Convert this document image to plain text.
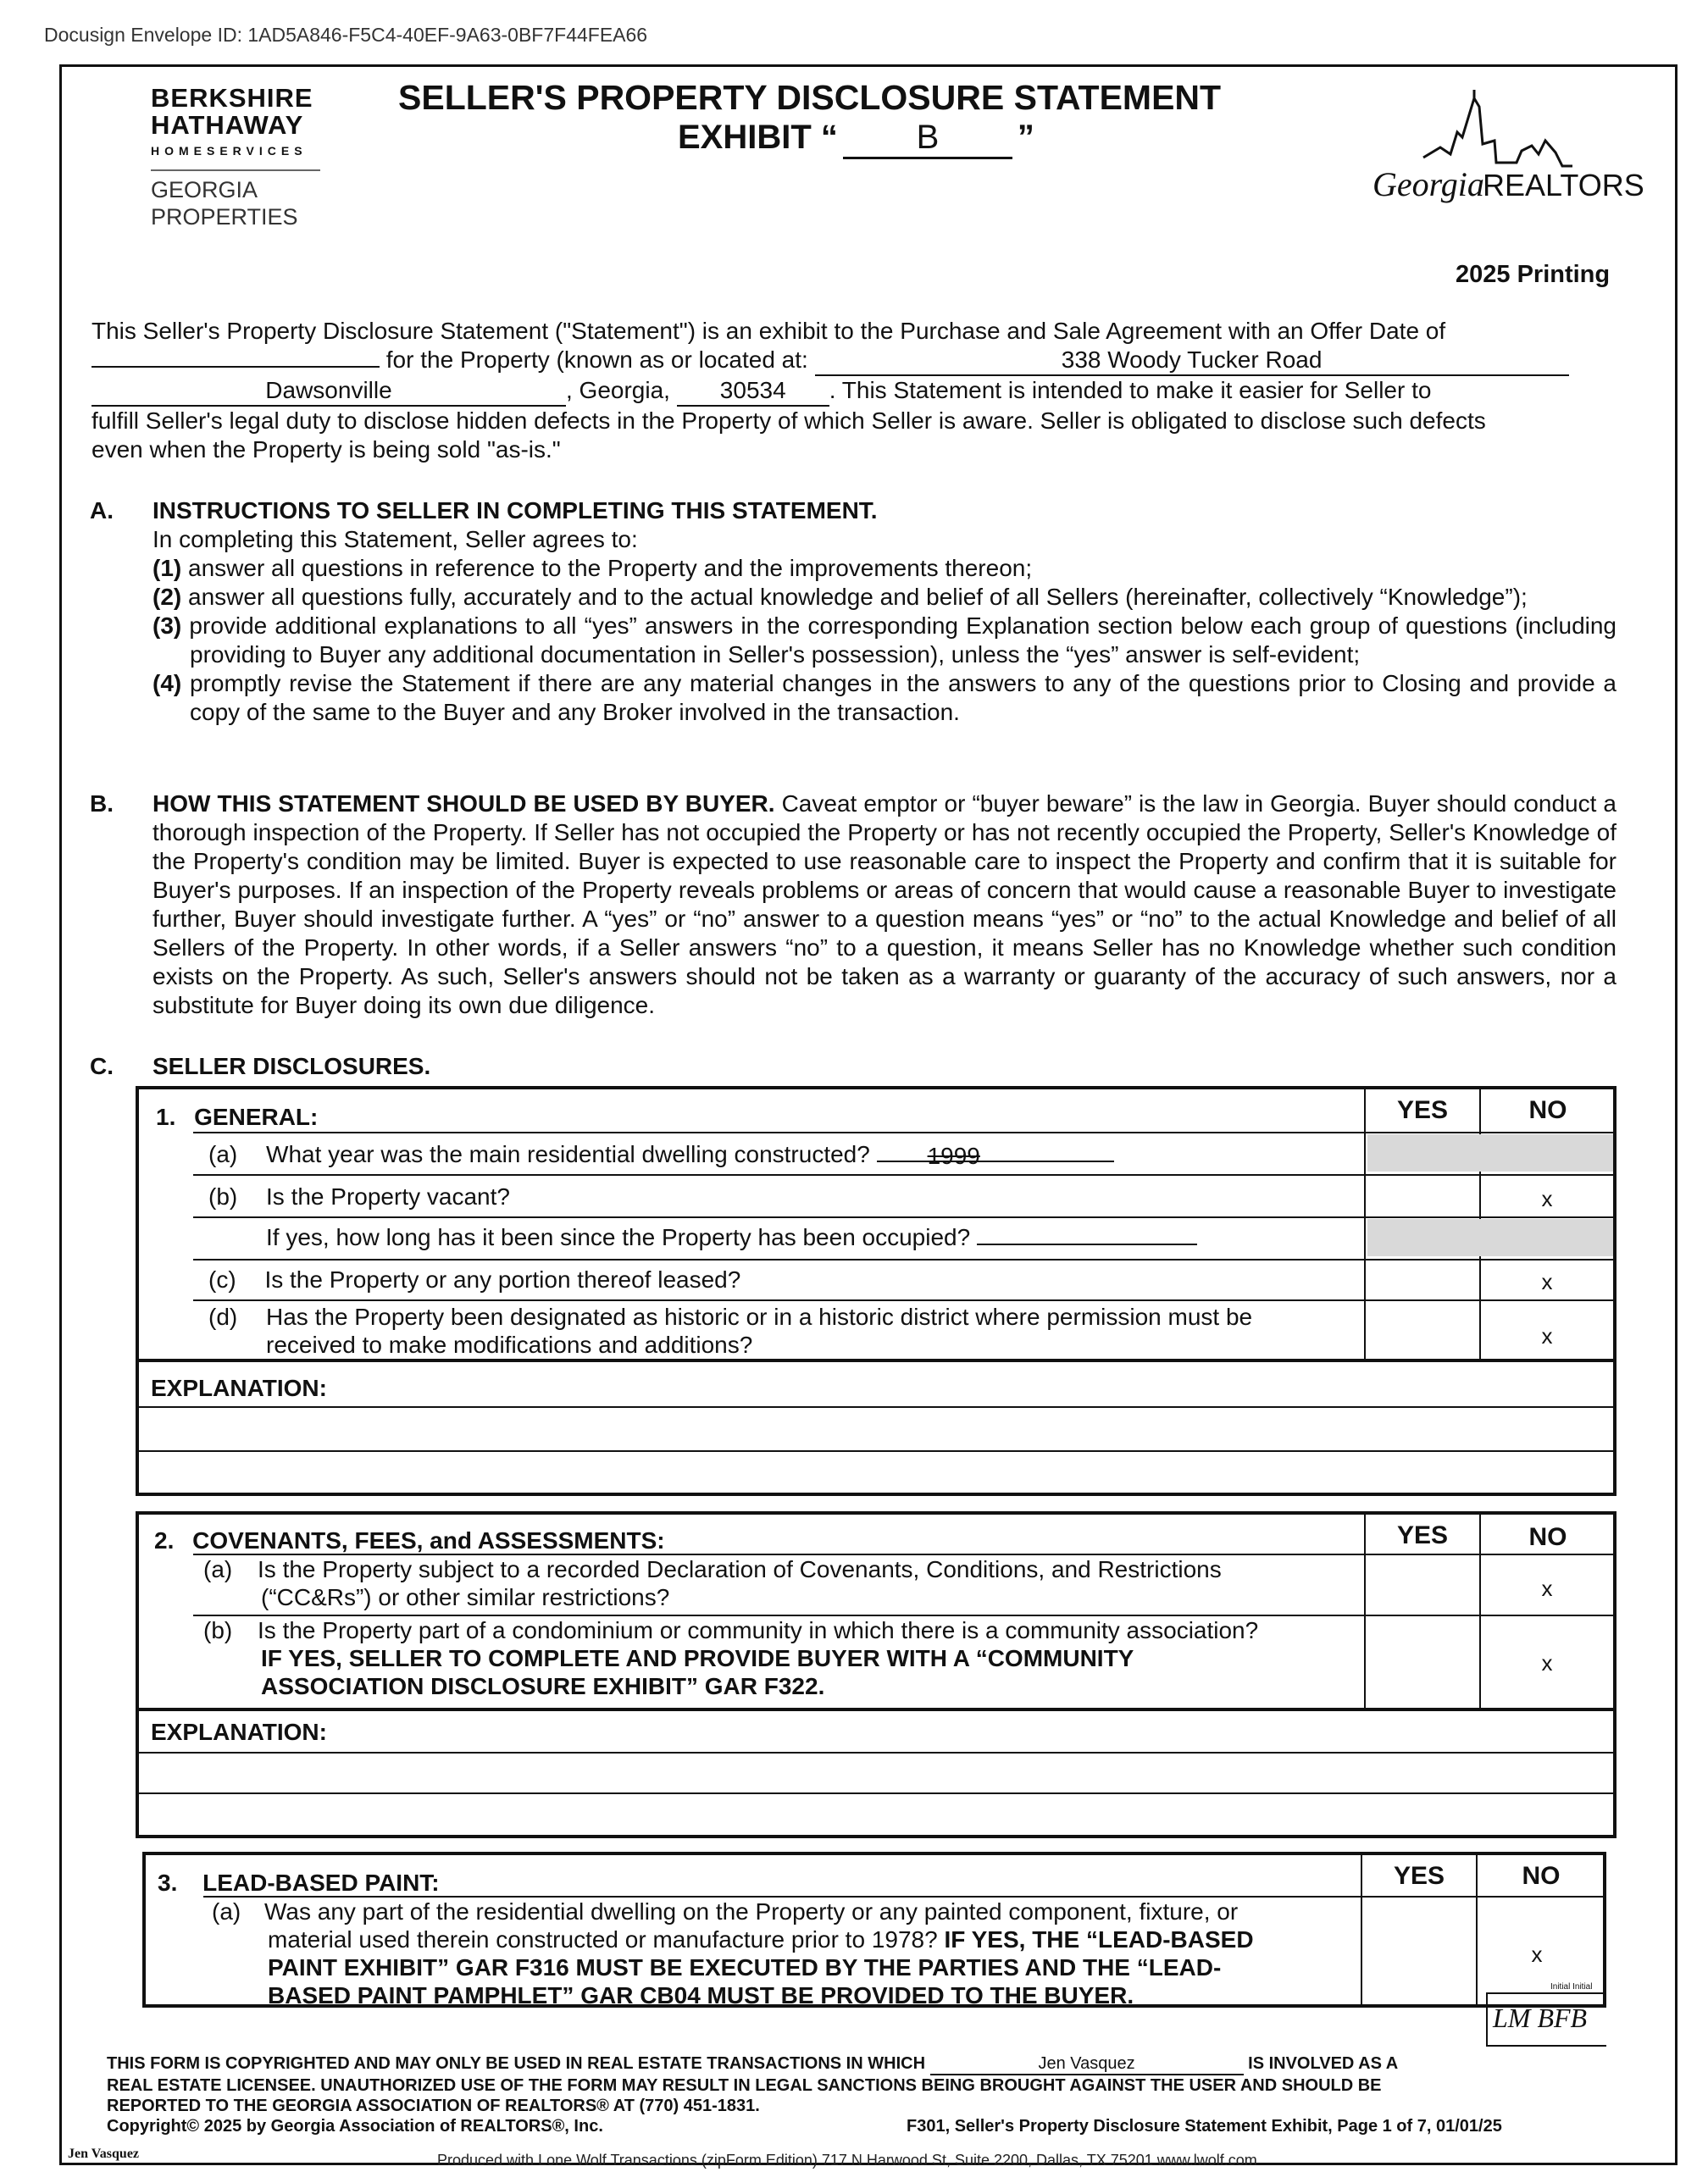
Docusign Envelope ID: 1AD5A846-F5C4-40EF-9A63-0BF7F44FEA66
BERKSHIRE
HATHAWAY
HOMESERVICES
GEORGIA
PROPERTIES
SELLER'S PROPERTY DISCLOSURE STATEMENT
EXHIBIT “ B ”
Georgia
REALTORS
2025 Printing
This Seller's Property Disclosure Statement ("Statement") is an exhibit to the Purchase and Sale Agreement with an Offer Date of
for the Property (known as or located at:	338 Woody Tucker Road
Dawsonville	, Georgia, 30534 . This Statement is intended to make it easier for Seller to
fulfill Seller's legal duty to disclose hidden defects in the Property of which Seller is aware. Seller is obligated to disclose such defects
even when the Property is being sold "as-is."
A. INSTRUCTIONS TO SELLER IN COMPLETING THIS STATEMENT.
In completing this Statement, Seller agrees to:
(1) answer all questions in reference to the Property and the improvements thereon;
(2) answer all questions fully, accurately and to the actual knowledge and belief of all Sellers (hereinafter, collectively “Knowledge”);
(3) provide additional explanations to all “yes” answers in the corresponding Explanation section below each group of questions (including providing to Buyer any additional documentation in Seller's possession), unless the “yes” answer is self-evident;
(4) promptly revise the Statement if there are any material changes in the answers to any of the questions prior to Closing and provide a copy of the same to the Buyer and any Broker involved in the transaction.
B. HOW THIS STATEMENT SHOULD BE USED BY BUYER. Caveat emptor or “buyer beware” is the law in Georgia. Buyer should conduct a thorough inspection of the Property. If Seller has not occupied the Property or has not recently occupied the Property, Seller's Knowledge of the Property's condition may be limited. Buyer is expected to use reasonable care to inspect the Property and confirm that it is suitable for Buyer's purposes. If an inspection of the Property reveals problems or areas of concern that would cause a reasonable Buyer to investigate further, Buyer should investigate further. A “yes” or “no” answer to a question means “yes” or “no” to the actual Knowledge and belief of all Sellers of the Property. In other words, if a Seller answers “no” to a question, it means Seller has no Knowledge whether such condition exists on the Property. As such, Seller's answers should not be taken as a warranty or guaranty of the accuracy of such answers, nor a substitute for Buyer doing its own due diligence.
C. SELLER DISCLOSURES.
YES	NO
1. GENERAL:
(a) What year was the main residential dwelling constructed? 1999
(b) Is the Property vacant?	x
If yes, how long has it been since the Property has been occupied?
(c) Is the Property or any portion thereof leased?	x
(d) Has the Property been designated as historic or in a historic district where permission must be
received to make modifications and additions?	x
EXPLANATION:
YES	NO
2. COVENANTS, FEES, and ASSESSMENTS:
(a) Is the Property subject to a recorded Declaration of Covenants, Conditions, and Restrictions
(“CC&Rs”) or other similar restrictions?	x
(b) Is the Property part of a condominium or community in which there is a community association?
IF YES, SELLER TO COMPLETE AND PROVIDE BUYER WITH A “COMMUNITY
ASSOCIATION DISCLOSURE EXHIBIT” GAR F322.
x
EXPLANATION:
YES	NO
3. LEAD-BASED PAINT:
(a) Was any part of the residential dwelling on the Property or any painted component, fixture, or
material used therein constructed or manufacture prior to 1978? IF YES, THE “LEAD-BASED
PAINT EXHIBIT” GAR F316 MUST BE EXECUTED BY THE PARTIES AND THE “LEAD-
BASED PAINT PAMPHLET” GAR CB04 MUST BE PROVIDED TO THE BUYER.
x
Initial Initial
LM BFB
THIS FORM IS COPYRIGHTED AND MAY ONLY BE USED IN REAL ESTATE TRANSACTIONS IN WHICH	Jen Vasquez	IS INVOLVED AS A
REAL ESTATE LICENSEE. UNAUTHORIZED USE OF THE FORM MAY RESULT IN LEGAL SANCTIONS BEING BROUGHT AGAINST THE USER AND SHOULD BE
REPORTED TO THE GEORGIA ASSOCIATION OF REALTORS® AT (770) 451-1831.
Copyright© 2025 by Georgia Association of REALTORS®, Inc.	F301, Seller's Property Disclosure Statement Exhibit, Page 1 of 7, 01/01/25
Jen Vasquez	Produced with Lone Wolf Transactions (zipForm Edition) 717 N Harwood St, Suite 2200, Dallas, TX 75201 www.lwolf.com
